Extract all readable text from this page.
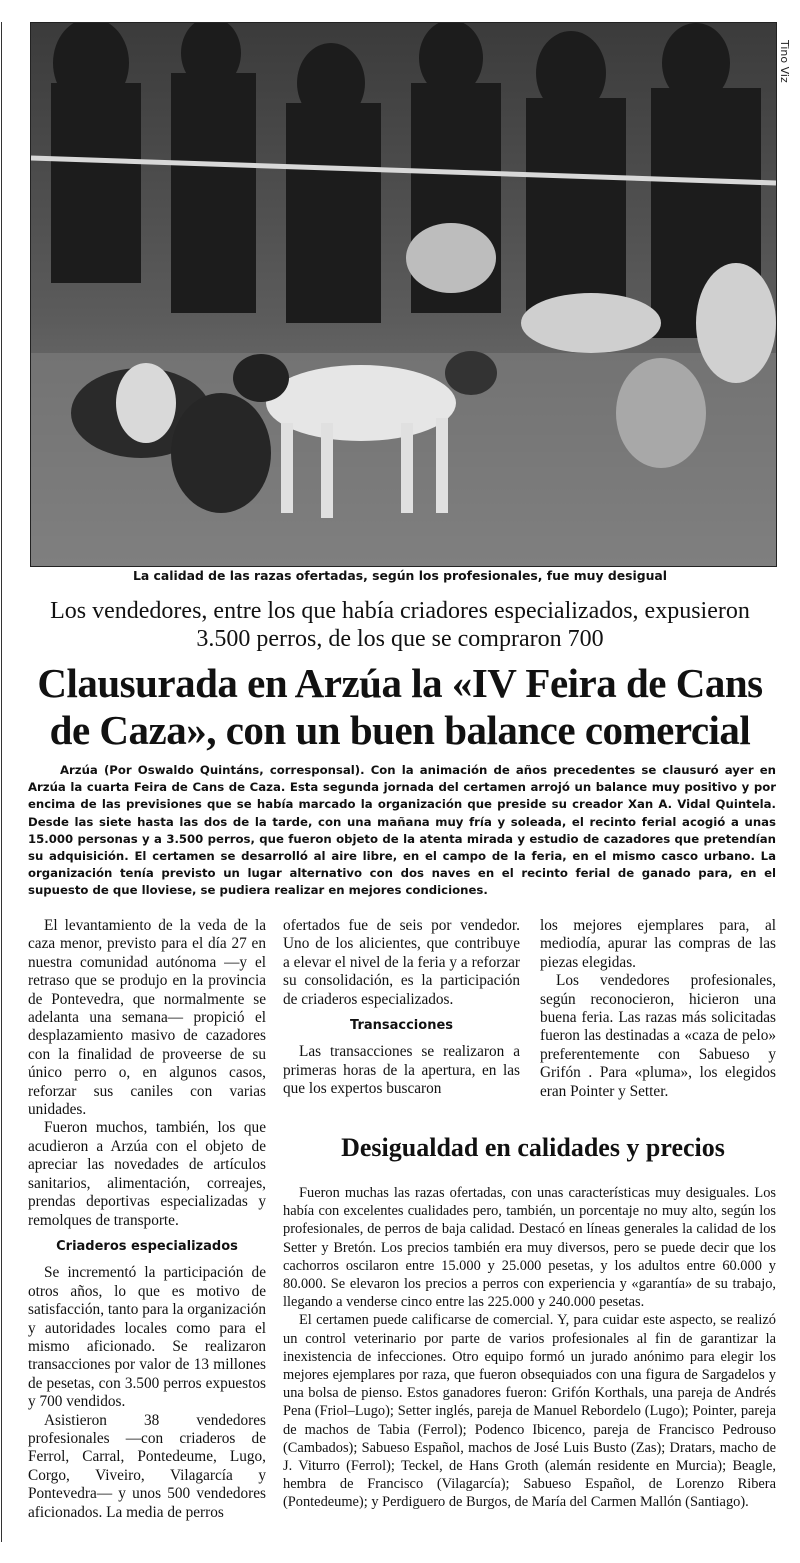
Tino Viz
La calidad de las razas ofertadas, según los profesionales, fue muy desigual
Los vendedores, entre los que había criadores especializados, expusieron 3.500 perros, de los que se compraron 700
Clausurada en Arzúa la «IV Feira de Cans de Caza», con un buen balance comercial
Arzúa (Por Oswaldo Quintáns, corresponsal). Con la animación de años precedentes se clausuró ayer en Arzúa la cuarta Feira de Cans de Caza. Esta segunda jornada del certamen arrojó un balance muy positivo y por encima de las previsiones que se había marcado la organización que preside su creador Xan A. Vidal Quintela. Desde las siete hasta las dos de la tarde, con una mañana muy fría y soleada, el recinto ferial acogió a unas 15.000 personas y a 3.500 perros, que fueron objeto de la atenta mirada y estudio de cazadores que pretendían su adquisición. El certamen se desarrolló al aire libre, en el campo de la feria, en el mismo casco urbano. La organización tenía previsto un lugar alternativo con dos naves en el recinto ferial de ganado para, en el supuesto de que lloviese, se pudiera realizar en mejores condiciones.

El levantamiento de la veda de la caza menor, previsto para el día 27 en nuestra comunidad autónoma —y el retraso que se produjo en la provincia de Pontevedra, que normalmente se adelanta una semana— propició el desplazamiento masivo de cazadores con la finalidad de proveerse de su único perro o, en algunos casos, reforzar sus caniles con varias unidades.

Fueron muchos, también, los que acudieron a Arzúa con el objeto de apreciar las novedades de artículos sanitarios, alimentación, correajes, prendas deportivas especializadas y remolques de transporte.

Criaderos especializados

Se incrementó la participación de otros años, lo que es motivo de satisfacción, tanto para la organización y autoridades locales como para el mismo aficionado. Se realizaron transacciones por valor de 13 millones de pesetas, con 3.500 perros expuestos y 700 vendidos.

Asistieron 38 vendedores profesionales —con criaderos de Ferrol, Carral, Pontedeume, Lugo, Corgo, Viveiro, Vilagarcía y Pontevedra— y unos 500 vendedores aficionados. La media de perros

ofertados fue de seis por vendedor. Uno de los alicientes, que contribuye a elevar el nivel de la feria y a reforzar su consolidación, es la participación de criaderos especializados.

Transacciones

Las transacciones se realizaron a primeras horas de la apertura, en las que los expertos buscaron

los mejores ejemplares para, al mediodía, apurar las compras de las piezas elegidas.

Los vendedores profesionales, según reconocieron, hicieron una buena feria. Las razas más solicitadas fueron las destinadas a «caza de pelo» preferentemente con Sabueso y Grifón . Para «pluma», los elegidos eran Pointer y Setter.

Desigualdad en calidades y precios

Fueron muchas las razas ofertadas, con unas características muy desiguales. Los había con excelentes cualidades pero, también, un porcentaje no muy alto, según los profesionales, de perros de baja calidad. Destacó en líneas generales la calidad de los Setter y Bretón. Los precios también era muy diversos, pero se puede decir que los cachorros oscilaron entre 15.000 y 25.000 pesetas, y los adultos entre 60.000 y 80.000. Se elevaron los precios a perros con experiencia y «garantía» de su trabajo, llegando a venderse cinco entre las 225.000 y 240.000 pesetas.

El certamen puede calificarse de comercial. Y, para cuidar este aspecto, se realizó un control veterinario por parte de varios profesionales al fin de garantizar la inexistencia de infecciones. Otro equipo formó un jurado anónimo para elegir los mejores ejemplares por raza, que fueron obsequiados con una figura de Sargadelos y una bolsa de pienso. Estos ganadores fueron: Grifón Korthals, una pareja de Andrés Pena (Friol–Lugo); Setter inglés, pareja de Manuel Rebordelo (Lugo); Pointer, pareja de machos de Tabia (Ferrol); Podenco Ibicenco, pareja de Francisco Pedrouso (Cambados); Sabueso Español, machos de José Luis Busto (Zas); Dratars, macho de J. Viturro (Ferrol); Teckel, de Hans Groth (alemán residente en Murcia); Beagle, hembra de Francisco (Vilagarcía); Sabueso Español, de Lorenzo Ribera (Pontedeume); y Perdiguero de Burgos, de María del Carmen Mallón (Santiago).
